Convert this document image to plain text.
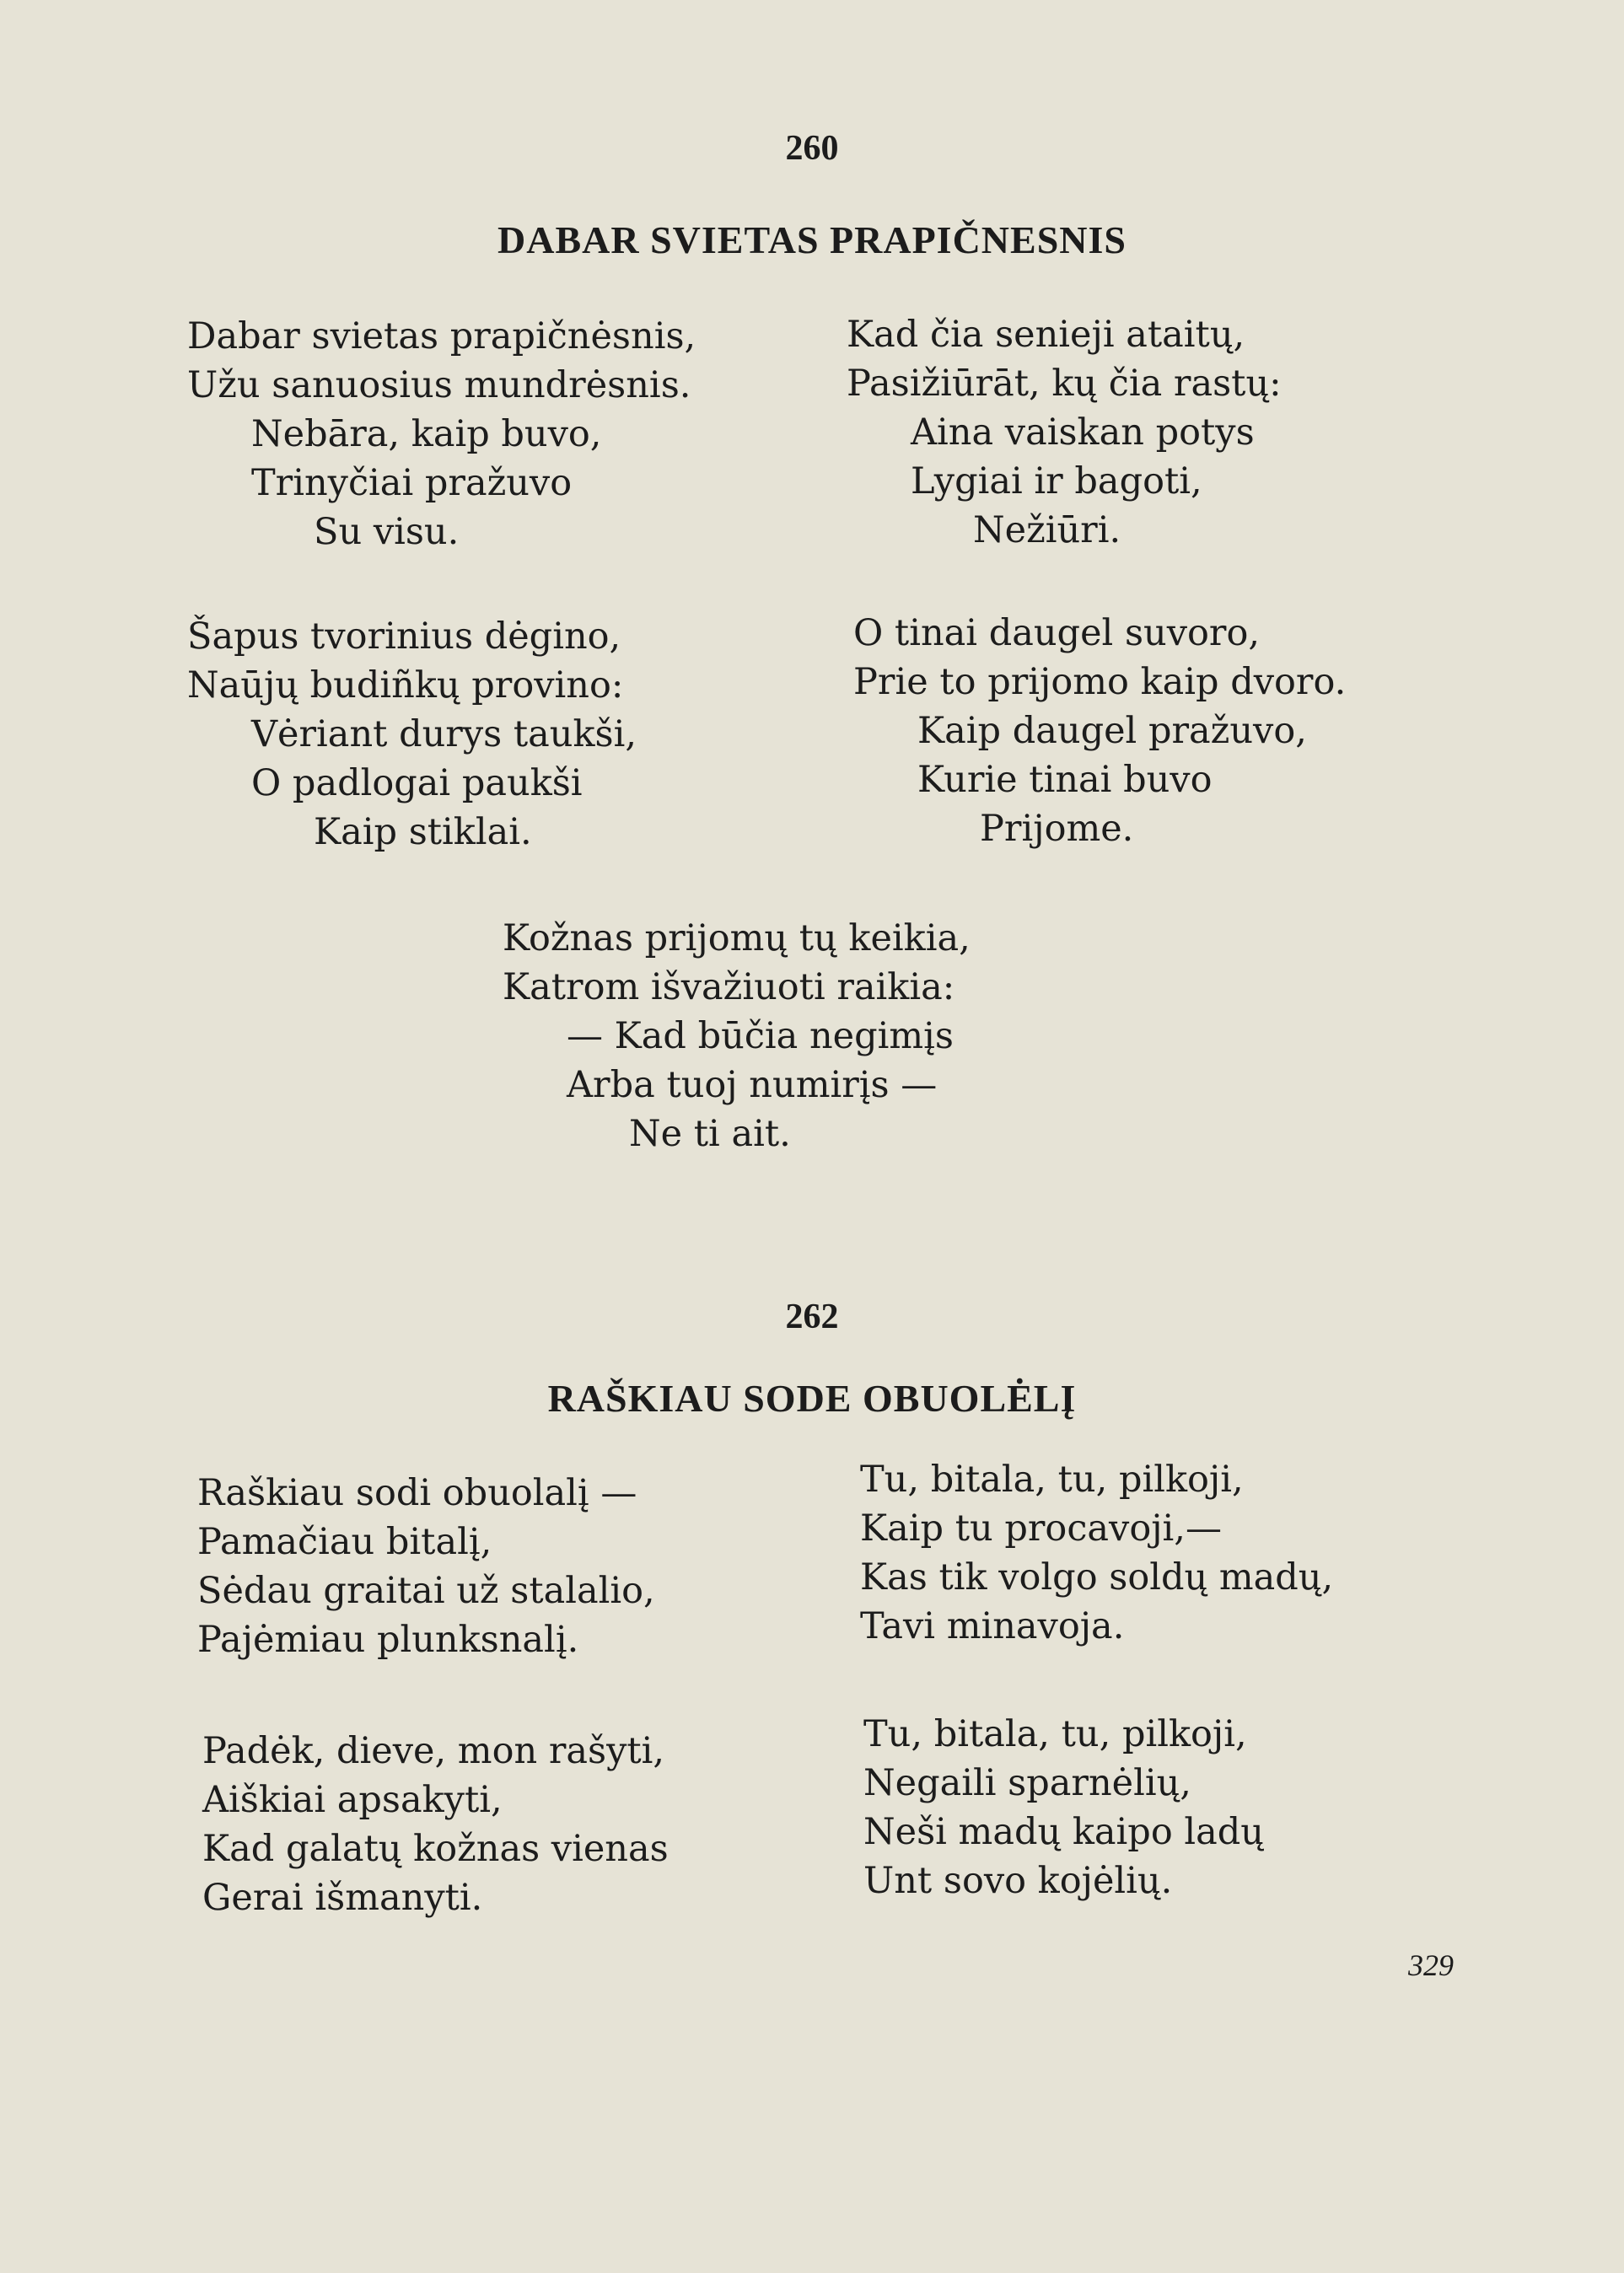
260
DABAR SVIETAS PRAPIČNESNIS
Dabar svietas prapičnėsnis,
Užu sanuosius mundrėsnis.
Nebāra, kaip buvo,
Trinyčiai pražuvo
Su visu.
Kad čia senieji ataitų,
Pasižiūrāt, kų čia rastų:
Aina vaiskan potys
Lygiai ir bagoti,
Nežiūri.
Šapus tvorinius dėgino,
Naūjų budiñkų provino:
Vėriant durys taukši,
O padlogai paukši
Kaip stiklai.
O tinai daugel suvoro,
Prie to prijomo kaip dvoro.
Kaip daugel pražuvo,
Kurie tinai buvo
Prijome.
Kožnas prijomų tų keikia,
Katrom išvažiuoti raikia:
— Kad būčia negimįs
Arba tuoj numirįs —
Ne ti ait.
262
RAŠKIAU SODE OBUOLĖLĮ
Raškiau sodi obuolalį —
Pamačiau bitalį,
Sėdau graitai už stalalio,
Pajėmiau plunksnalį.
Tu, bitala, tu, pilkoji,
Kaip tu procavoji,—
Kas tik volgo soldų madų,
Tavi minavoja.
Padėk, dieve, mon rašyti,
Aiškiai apsakyti,
Kad galatų kožnas vienas
Gerai išmanyti.
Tu, bitala, tu, pilkoji,
Negaili sparnėlių,
Neši madų kaipo ladų
Unt sovo kojėlių.
329
